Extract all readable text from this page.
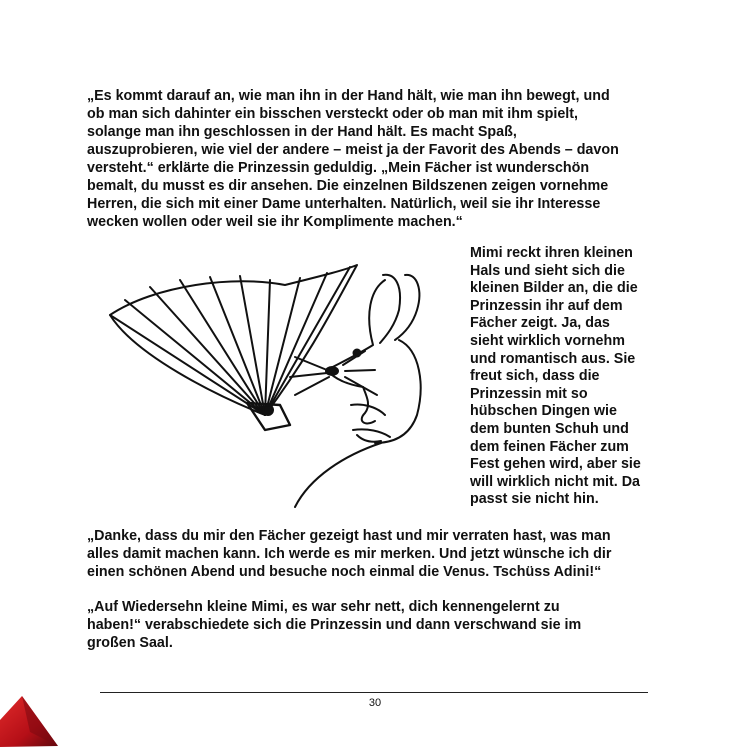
„Es kommt darauf an, wie man ihn in der Hand hält, wie man ihn bewegt, und
ob man sich dahinter ein bisschen versteckt oder ob man mit ihm spielt,
solange man ihn geschlossen in der Hand hält. Es macht Spaß,
auszuprobieren, wie viel der andere – meist ja der Favorit des Abends – davon
versteht.“ erklärte die Prinzessin geduldig. „Mein Fächer ist wunderschön
bemalt, du musst es dir ansehen. Die einzelnen Bildszenen zeigen vornehme
Herren, die sich mit einer Dame unterhalten. Natürlich, weil sie ihr Interesse
wecken wollen oder weil sie ihr Komplimente machen.“
Mimi reckt ihren kleinen
Hals und sieht sich die
kleinen Bilder an, die die
Prinzessin ihr auf dem
Fächer zeigt. Ja, das
sieht wirklich vornehm
und romantisch aus. Sie
freut sich, dass die
Prinzessin mit so
hübschen Dingen wie
dem bunten Schuh und
dem feinen Fächer zum
Fest gehen wird, aber sie
will wirklich nicht mit. Da
passt sie nicht hin.
„Danke, dass du mir den Fächer gezeigt hast und mir verraten hast, was man
alles damit machen kann. Ich werde es mir merken. Und jetzt wünsche ich dir
einen schönen Abend und besuche noch einmal die Venus. Tschüss Adini!“
„Auf Wiedersehn kleine Mimi, es war sehr nett, dich kennengelernt zu
haben!“ verabschiedete sich die Prinzessin und dann verschwand sie im
großen Saal.
30
